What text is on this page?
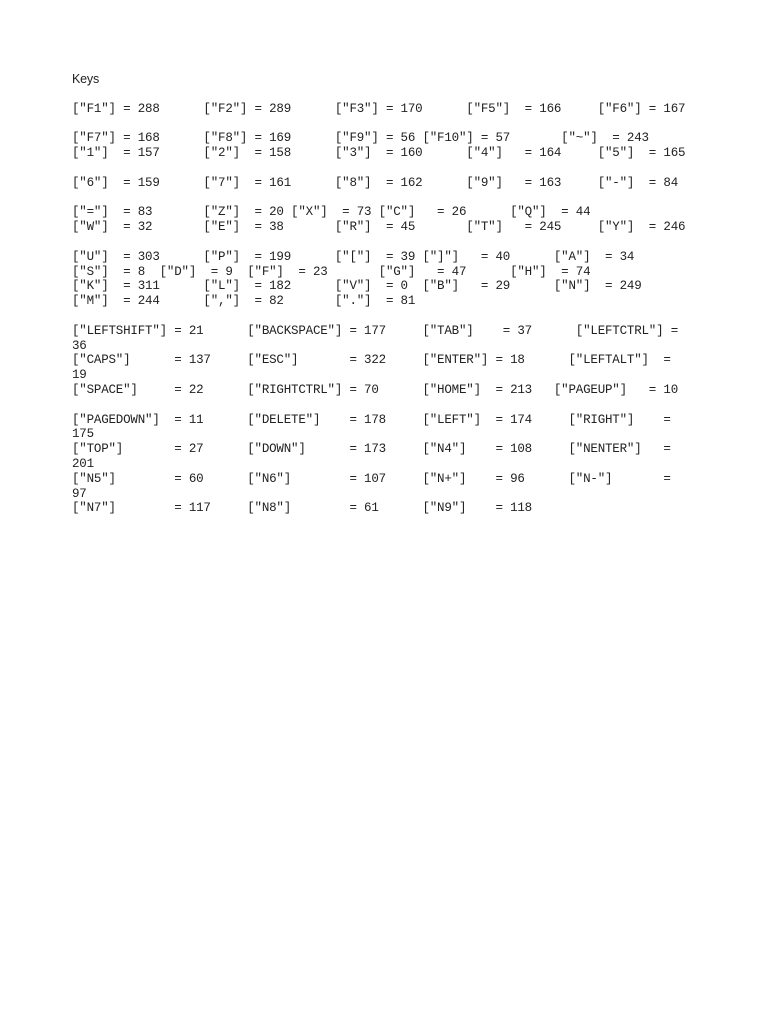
Keys
["F1"] = 288      ["F2"] = 289      ["F3"] = 170      ["F5"]  = 166     ["F6"] = 167
["F7"] = 168      ["F8"] = 169      ["F9"] = 56 ["F10"] = 57       ["~"]  = 243
["1"]  = 157      ["2"]  = 158      ["3"]  = 160      ["4"]   = 164     ["5"]  = 165
["6"]  = 159      ["7"]  = 161      ["8"]  = 162      ["9"]   = 163     ["-"]  = 84
["="]  = 83       ["Z"]  = 20 ["X"]  = 73 ["C"]   = 26      ["Q"]  = 44
["W"]  = 32       ["E"]  = 38       ["R"]  = 45       ["T"]   = 245     ["Y"]  = 246
["U"]  = 303      ["P"]  = 199      ["["]  = 39 ["]"]   = 40      ["A"]  = 34
["S"]  = 8  ["D"]  = 9  ["F"]  = 23       ["G"]   = 47      ["H"]  = 74
["K"]  = 311      ["L"]  = 182      ["V"]  = 0  ["B"]   = 29      ["N"]  = 249
["M"]  = 244      [","]  = 82       ["."]  = 81
["LEFTSHIFT"] = 21      ["BACKSPACE"] = 177     ["TAB"]    = 37      ["LEFTCTRL"] =
36
["CAPS"]      = 137     ["ESC"]       = 322     ["ENTER"] = 18      ["LEFTALT"]  =
19
["SPACE"]     = 22      ["RIGHTCTRL"] = 70      ["HOME"]  = 213   ["PAGEUP"]   = 10
["PAGEDOWN"]  = 11      ["DELETE"]    = 178     ["LEFT"]  = 174     ["RIGHT"]    =
175
["TOP"]       = 27      ["DOWN"]      = 173     ["N4"]    = 108     ["NENTER"]   =
201
["N5"]        = 60      ["N6"]        = 107     ["N+"]    = 96      ["N-"]       =
97
["N7"]        = 117     ["N8"]        = 61      ["N9"]    = 118
